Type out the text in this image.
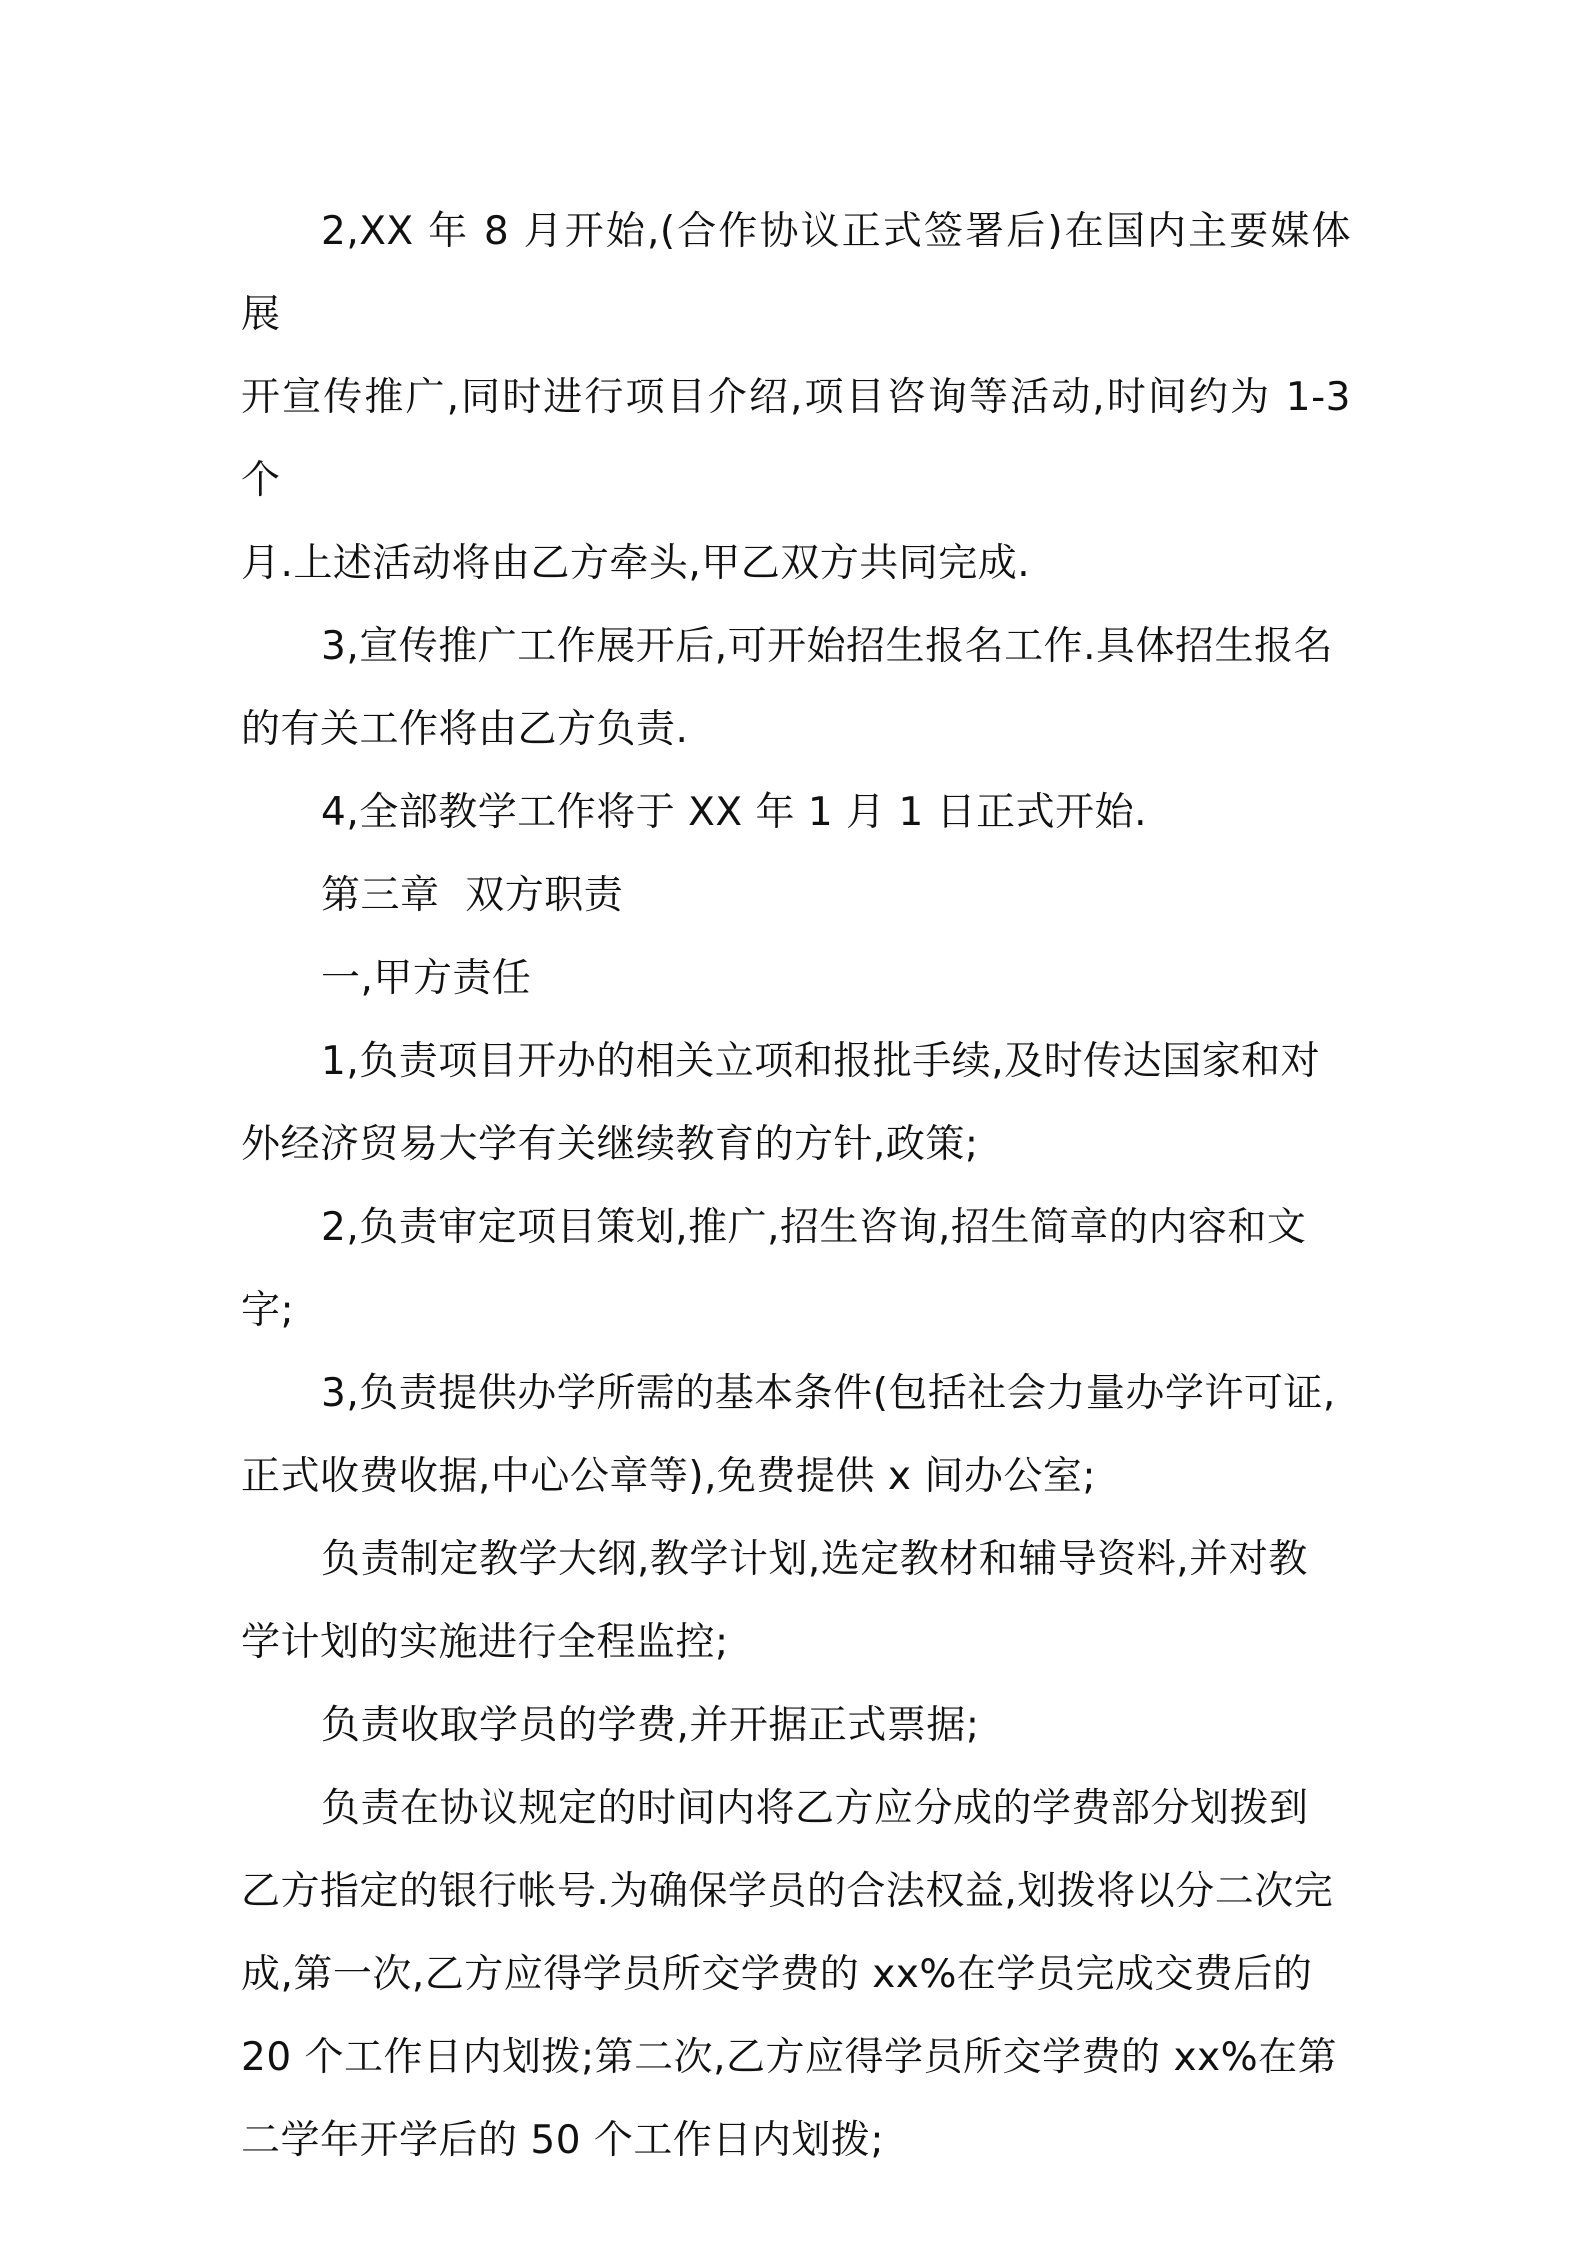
2,XX 年 8 月开始,(合作协议正式签署后)在国内主要媒体展
开宣传推广,同时进行项目介绍,项目咨询等活动,时间约为 1-3 个
月.上述活动将由乙方牵头,甲乙双方共同完成.

3,宣传推广工作展开后,可开始招生报名工作.具体招生报名
的有关工作将由乙方负责.

4,全部教学工作将于 XX 年 1 月 1 日正式开始.

第三章  双方职责

一,甲方责任

1,负责项目开办的相关立项和报批手续,及时传达国家和对
外经济贸易大学有关继续教育的方针,政策;

2,负责审定项目策划,推广,招生咨询,招生简章的内容和文
字;

3,负责提供办学所需的基本条件(包括社会力量办学许可证,
正式收费收据,中心公章等),免费提供 x 间办公室;

负责制定教学大纲,教学计划,选定教材和辅导资料,并对教
学计划的实施进行全程监控;

负责收取学员的学费,并开据正式票据;

负责在协议规定的时间内将乙方应分成的学费部分划拨到
乙方指定的银行帐号.为确保学员的合法权益,划拨将以分二次完
成,第一次,乙方应得学员所交学费的 xx%在学员完成交费后的
20 个工作日内划拨;第二次,乙方应得学员所交学费的 xx%在第
二学年开学后的 50 个工作日内划拨;
